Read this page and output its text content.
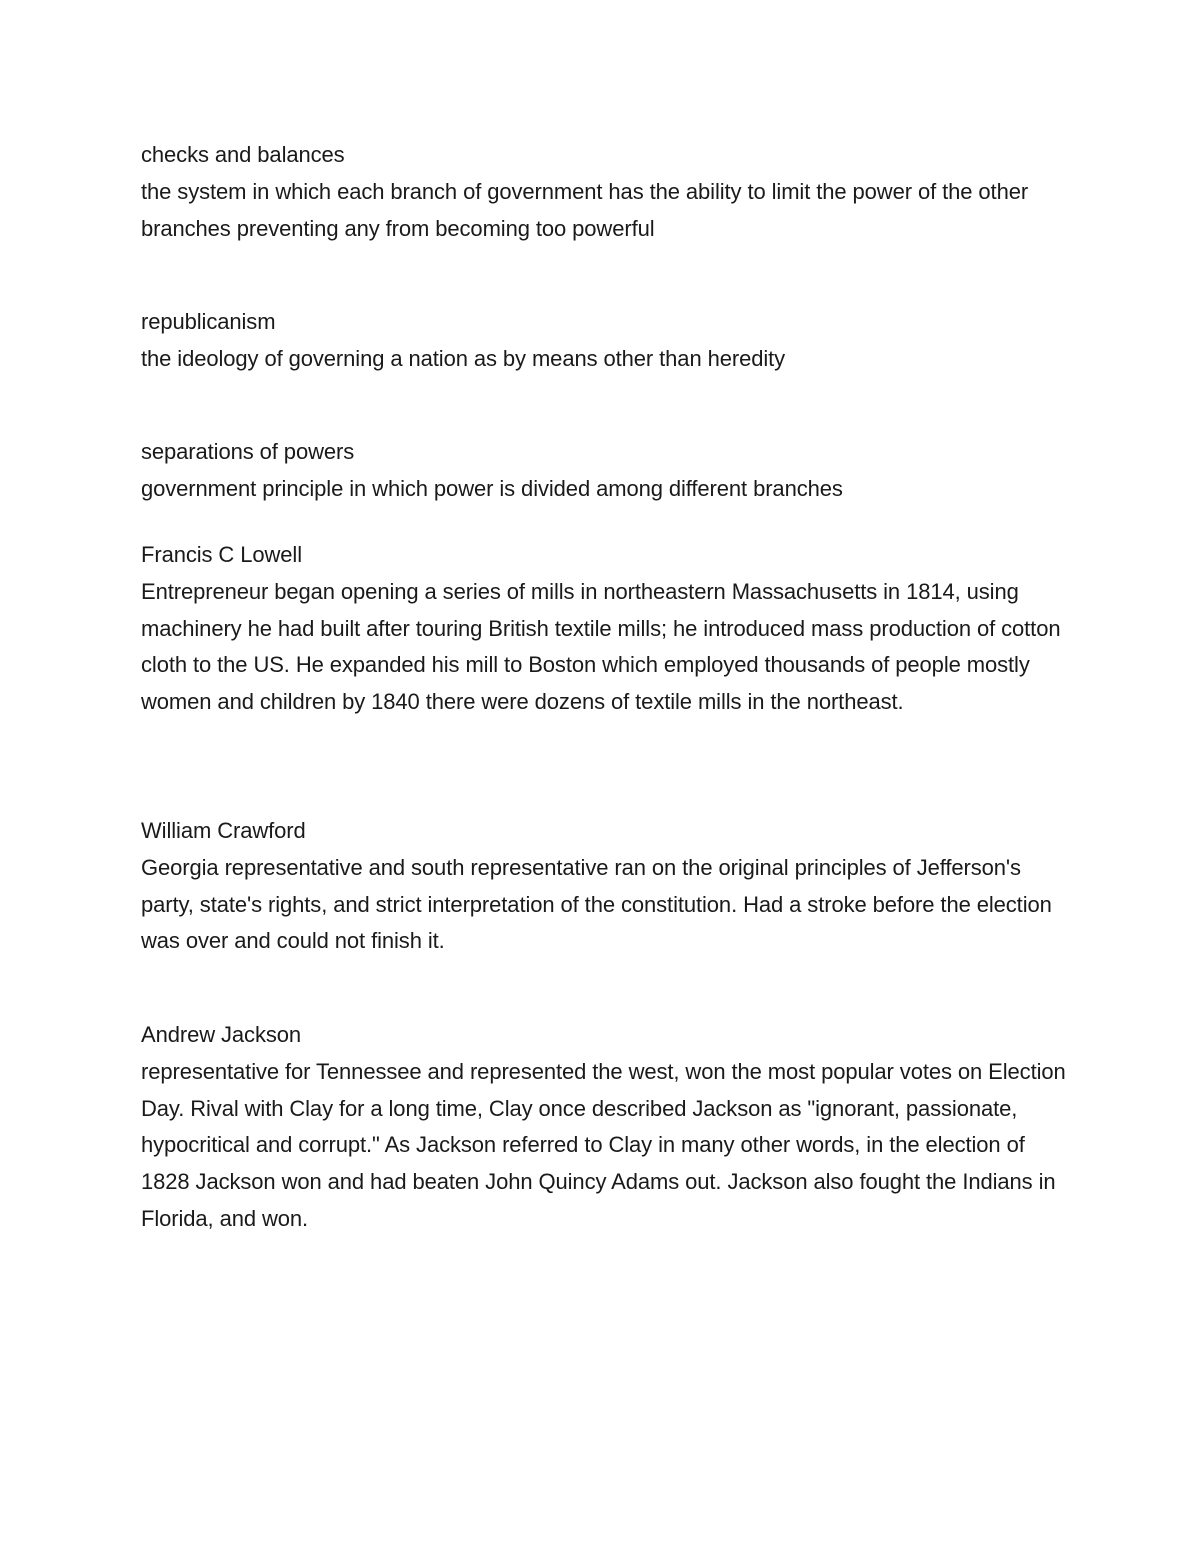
checks and balances
the system in which each branch of government has the ability to limit the power of the other branches preventing any from becoming too powerful
republicanism
the ideology of governing a nation as by means other than heredity
separations of powers
government principle in which power is divided among different branches
Francis C Lowell
Entrepreneur began opening a series of mills in northeastern Massachusetts in 1814, using machinery he had built after touring British textile mills; he introduced mass production of cotton cloth to the US. He expanded his mill to Boston which employed thousands of people mostly women and children by 1840 there were dozens of textile mills in the northeast.
William Crawford
Georgia representative and south representative ran on the original principles of Jefferson's party, state's rights, and strict interpretation of the constitution. Had a stroke before the election was over and could not finish it.
Andrew Jackson
representative for Tennessee and represented the west, won the most popular votes on Election Day. Rival with Clay for a long time, Clay once described Jackson as "ignorant, passionate, hypocritical and corrupt." As Jackson referred to Clay in many other words, in the election of 1828 Jackson won and had beaten John Quincy Adams out. Jackson also fought the Indians in Florida, and won.
